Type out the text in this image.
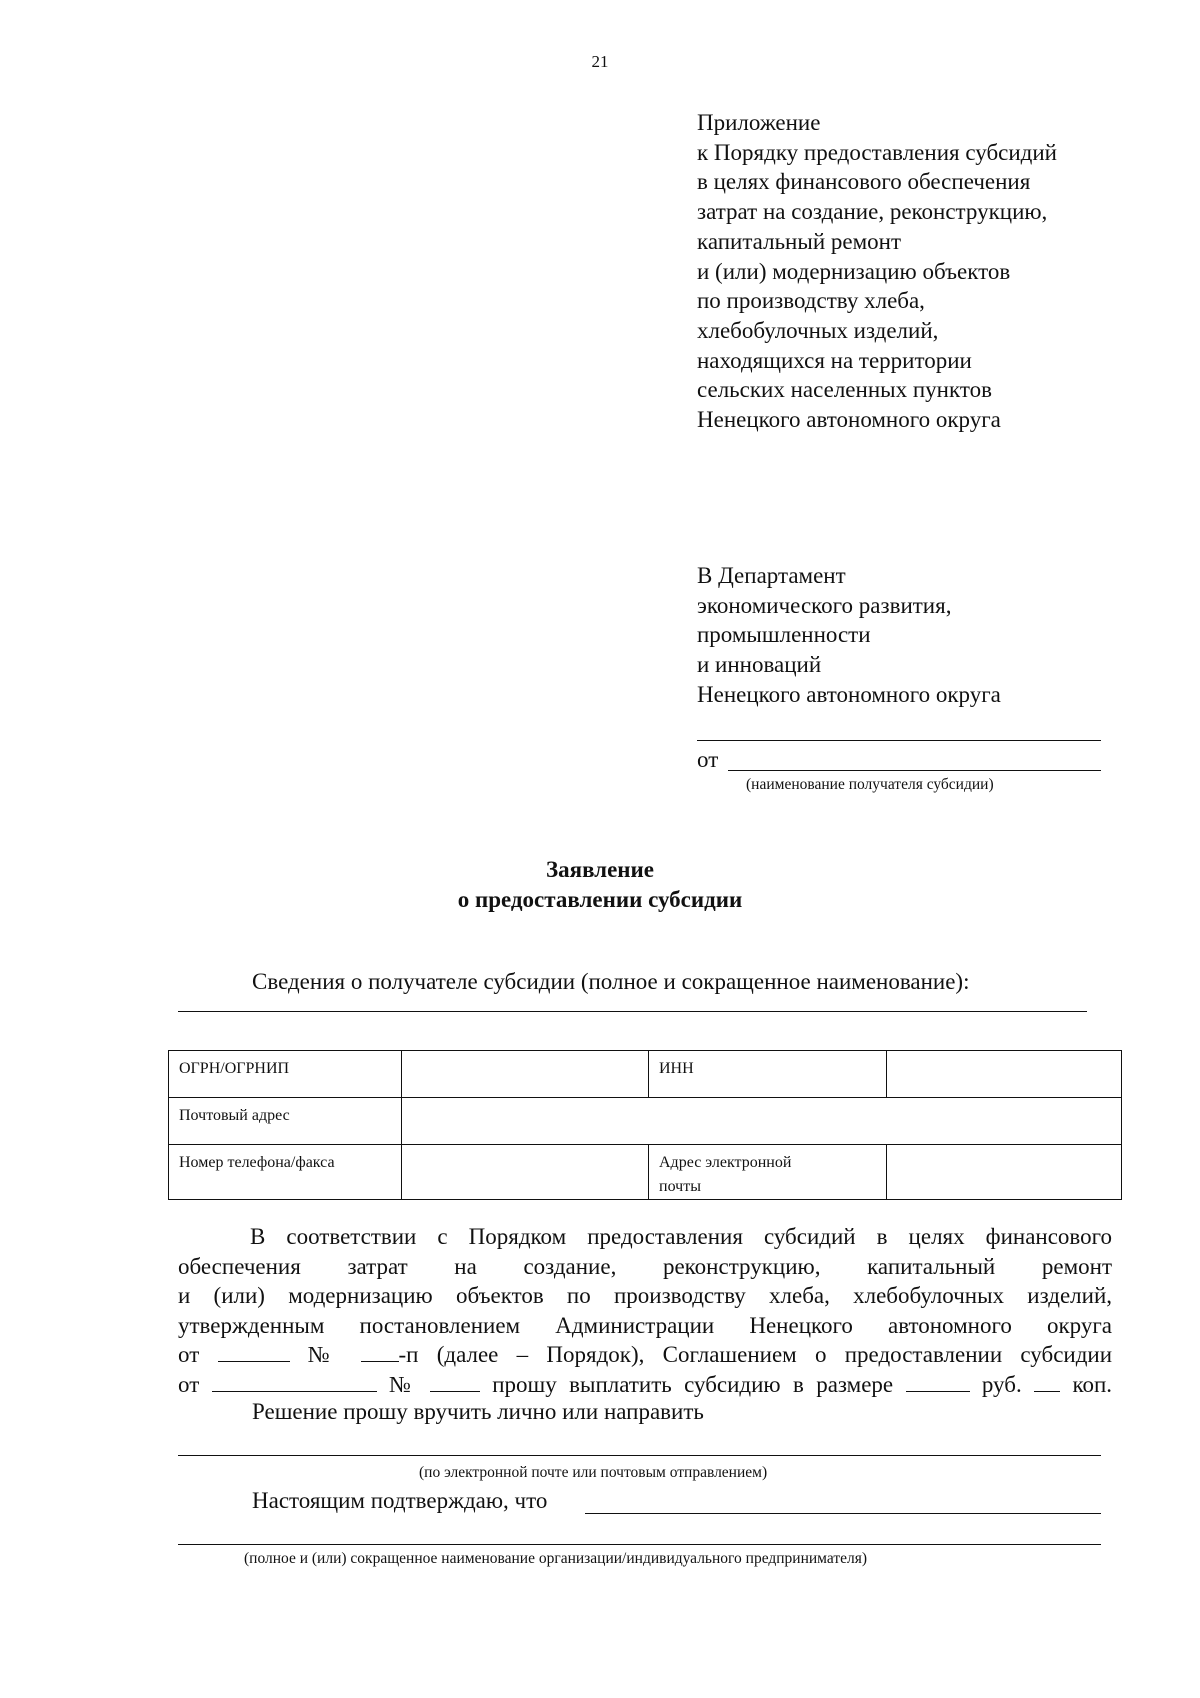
21
Приложение
к Порядку предоставления субсидий
в целях финансового обеспечения
затрат на создание, реконструкцию,
капитальный ремонт
и (или) модернизацию объектов
по производству хлеба,
хлебобулочных изделий,
находящихся на территории
сельских населенных пунктов
Ненецкого автономного округа
В Департамент
экономического развития,
промышленности
и инноваций
Ненецкого автономного округа
от
(наименование получателя субсидии)
Заявление
о предоставлении субсидии
Сведения о получателе субсидии (полное и сокращенное наименование):
ОГРН/ОГРНИП		ИНН	
Почтовый адрес			
Номер телефона/факса		Адрес электронной
почты	

В соответствии с Порядком предоставления субсидий в целях финансового
обеспечения затрат на создание, реконструкцию, капитальный ремонт
и (или) модернизацию объектов по производству хлеба, хлебобулочных изделий,
утвержденным постановлением Администрации Ненецкого автономного округа
от	№ -п (далее – Порядок), Соглашением о предоставлении субсидии
от	№	прошу выплатить субсидию в размере	руб. коп.
Решение прошу вручить лично или направить
(по электронной почте или почтовым отправлением)
Настоящим подтверждаю, что
(полное и (или) сокращенное наименование организации/индивидуального предпринимателя)
